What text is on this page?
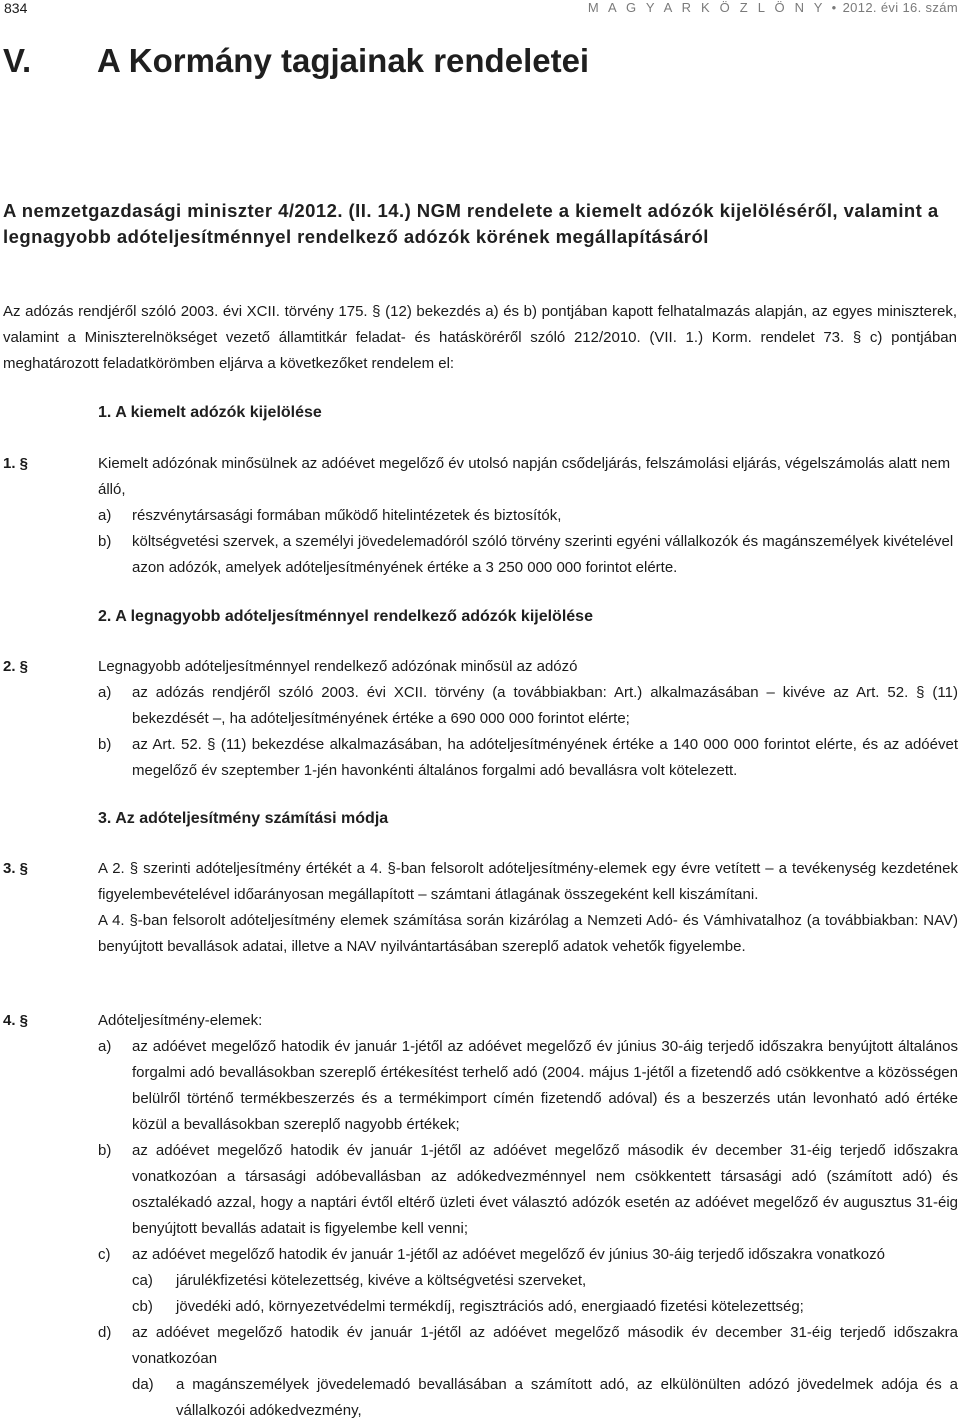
834	M A G Y A R K Ö Z L Ö N Y • 2012. évi 16. szám
V. A Kormány tagjainak rendeletei
A nemzetgazdasági miniszter 4/2012. (II. 14.) NGM rendelete a kiemelt adózók kijelöléséről, valamint a legnagyobb adóteljesítménnyel rendelkező adózók körének megállapításáról

Az adózás rendjéről szóló 2003. évi XCII. törvény 175. § (12) bekezdés a) és b) pontjában kapott felhatalmazás alapján, az egyes miniszterek, valamint a Miniszterelnökséget vezető államtitkár feladat- és hatásköréről szóló 212/2010. (VII. 1.) Korm. rendelet 73. § c) pontjában meghatározott feladatkörömben eljárva a következőket rendelem el:

1. A kiemelt adózók kijelölése
1. §	Kiemelt adózónak minősülnek az adóévet megelőző év utolsó napján csődeljárás, felszámolási eljárás, végelszámolás alatt nem álló,
a) részvénytársasági formában működő hitelintézetek és biztosítók,
b) költségvetési szervek, a személyi jövedelemadóról szóló törvény szerinti egyéni vállalkozók és magánszemélyek kivételével azon adózók, amelyek adóteljesítményének értéke a 3 250 000 000 forintot elérte.
2. A legnagyobb adóteljesítménnyel rendelkező adózók kijelölése
2. §	Legnagyobb adóteljesítménnyel rendelkező adózónak minősül az adózó
a) az adózás rendjéről szóló 2003. évi XCII. törvény (a továbbiakban: Art.) alkalmazásában – kivéve az Art. 52. § (11) bekezdését –, ha adóteljesítményének értéke a 690 000 000 forintot elérte;
b) az Art. 52. § (11) bekezdése alkalmazásában, ha adóteljesítményének értéke a 140 000 000 forintot elérte, és az adóévet megelőző év szeptember 1-jén havonkénti általános forgalmi adó bevallásra volt kötelezett.
3. Az adóteljesítmény számítási módja
3. §	A 2. § szerinti adóteljesítmény értékét a 4. §-ban felsorolt adóteljesítmény-elemek egy évre vetített – a tevékenység kezdetének figyelembevételével időarányosan megállapított – számtani átlagának összegeként kell kiszámítani.
A 4. §-ban felsorolt adóteljesítmény elemek számítása során kizárólag a Nemzeti Adó- és Vámhivatalhoz (a továbbiakban: NAV) benyújtott bevallások adatai, illetve a NAV nyilvántartásában szereplő adatok vehetők figyelembe.
4. §	Adóteljesítmény-elemek:
a) az adóévet megelőző hatodik év január 1-jétől az adóévet megelőző év június 30-áig terjedő időszakra benyújtott általános forgalmi adó bevallásokban szereplő értékesítést terhelő adó (2004. május 1-jétől a fizetendő adó csökkentve a közösségen belülről történő termékbeszerzés és a termékimport címén fizetendő adóval) és a beszerzés után levonható adó értéke közül a bevallásokban szereplő nagyobb értékek;
b) az adóévet megelőző hatodik év január 1-jétől az adóévet megelőző második év december 31-éig terjedő időszakra vonatkozóan a társasági adóbevallásban az adókedvezménnyel nem csökkentett társasági adó (számított adó) és osztalékadó azzal, hogy a naptári évtől eltérő üzleti évet választó adózók esetén az adóévet megelőző év augusztus 31-éig benyújtott bevallás adatait is figyelembe kell venni;
c) az adóévet megelőző hatodik év január 1-jétől az adóévet megelőző év június 30-áig terjedő időszakra vonatkozó
ca) járulékfizetési kötelezettség, kivéve a költségvetési szerveket,
cb) jövedéki adó, környezetvédelmi termékdíj, regisztrációs adó, energiaadó fizetési kötelezettség;
d) az adóévet megelőző hatodik év január 1-jétől az adóévet megelőző második év december 31-éig terjedő időszakra vonatkozóan
da) a magánszemélyek jövedelemadó bevallásában a számított adó, az elkülönülten adózó jövedelmek adója és a vállalkozói adókedvezmény,
